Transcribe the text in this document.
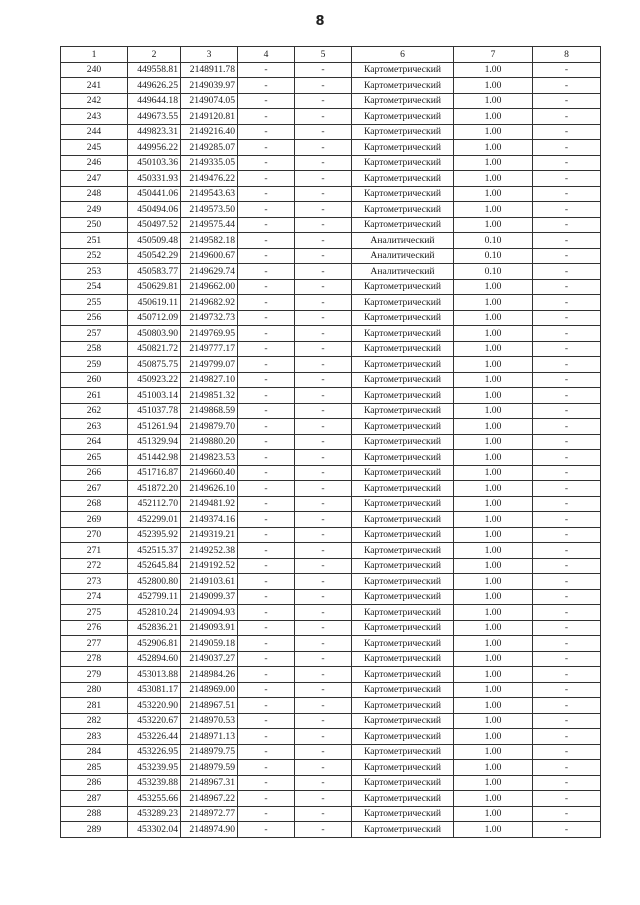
8
1	2	3	4	5	6	7	8
240	449558.81	2148911.78	-	-	Картометрический	1.00	-
241	449626.25	2149039.97	-	-	Картометрический	1.00	-
242	449644.18	2149074.05	-	-	Картометрический	1.00	-
243	449673.55	2149120.81	-	-	Картометрический	1.00	-
244	449823.31	2149216.40	-	-	Картометрический	1.00	-
245	449956.22	2149285.07	-	-	Картометрический	1.00	-
246	450103.36	2149335.05	-	-	Картометрический	1.00	-
247	450331.93	2149476.22	-	-	Картометрический	1.00	-
248	450441.06	2149543.63	-	-	Картометрический	1.00	-
249	450494.06	2149573.50	-	-	Картометрический	1.00	-
250	450497.52	2149575.44	-	-	Картометрический	1.00	-
251	450509.48	2149582.18	-	-	Аналитический	0.10	-
252	450542.29	2149600.67	-	-	Аналитический	0.10	-
253	450583.77	2149629.74	-	-	Аналитический	0.10	-
254	450629.81	2149662.00	-	-	Картометрический	1.00	-
255	450619.11	2149682.92	-	-	Картометрический	1.00	-
256	450712.09	2149732.73	-	-	Картометрический	1.00	-
257	450803.90	2149769.95	-	-	Картометрический	1.00	-
258	450821.72	2149777.17	-	-	Картометрический	1.00	-
259	450875.75	2149799.07	-	-	Картометрический	1.00	-
260	450923.22	2149827.10	-	-	Картометрический	1.00	-
261	451003.14	2149851.32	-	-	Картометрический	1.00	-
262	451037.78	2149868.59	-	-	Картометрический	1.00	-
263	451261.94	2149879.70	-	-	Картометрический	1.00	-
264	451329.94	2149880.20	-	-	Картометрический	1.00	-
265	451442.98	2149823.53	-	-	Картометрический	1.00	-
266	451716.87	2149660.40	-	-	Картометрический	1.00	-
267	451872.20	2149626.10	-	-	Картометрический	1.00	-
268	452112.70	2149481.92	-	-	Картометрический	1.00	-
269	452299.01	2149374.16	-	-	Картометрический	1.00	-
270	452395.92	2149319.21	-	-	Картометрический	1.00	-
271	452515.37	2149252.38	-	-	Картометрический	1.00	-
272	452645.84	2149192.52	-	-	Картометрический	1.00	-
273	452800.80	2149103.61	-	-	Картометрический	1.00	-
274	452799.11	2149099.37	-	-	Картометрический	1.00	-
275	452810.24	2149094.93	-	-	Картометрический	1.00	-
276	452836.21	2149093.91	-	-	Картометрический	1.00	-
277	452906.81	2149059.18	-	-	Картометрический	1.00	-
278	452894.60	2149037.27	-	-	Картометрический	1.00	-
279	453013.88	2148984.26	-	-	Картометрический	1.00	-
280	453081.17	2148969.00	-	-	Картометрический	1.00	-
281	453220.90	2148967.51	-	-	Картометрический	1.00	-
282	453220.67	2148970.53	-	-	Картометрический	1.00	-
283	453226.44	2148971.13	-	-	Картометрический	1.00	-
284	453226.95	2148979.75	-	-	Картометрический	1.00	-
285	453239.95	2148979.59	-	-	Картометрический	1.00	-
286	453239.88	2148967.31	-	-	Картометрический	1.00	-
287	453255.66	2148967.22	-	-	Картометрический	1.00	-
288	453289.23	2148972.77	-	-	Картометрический	1.00	-
289	453302.04	2148974.90	-	-	Картометрический	1.00	-
